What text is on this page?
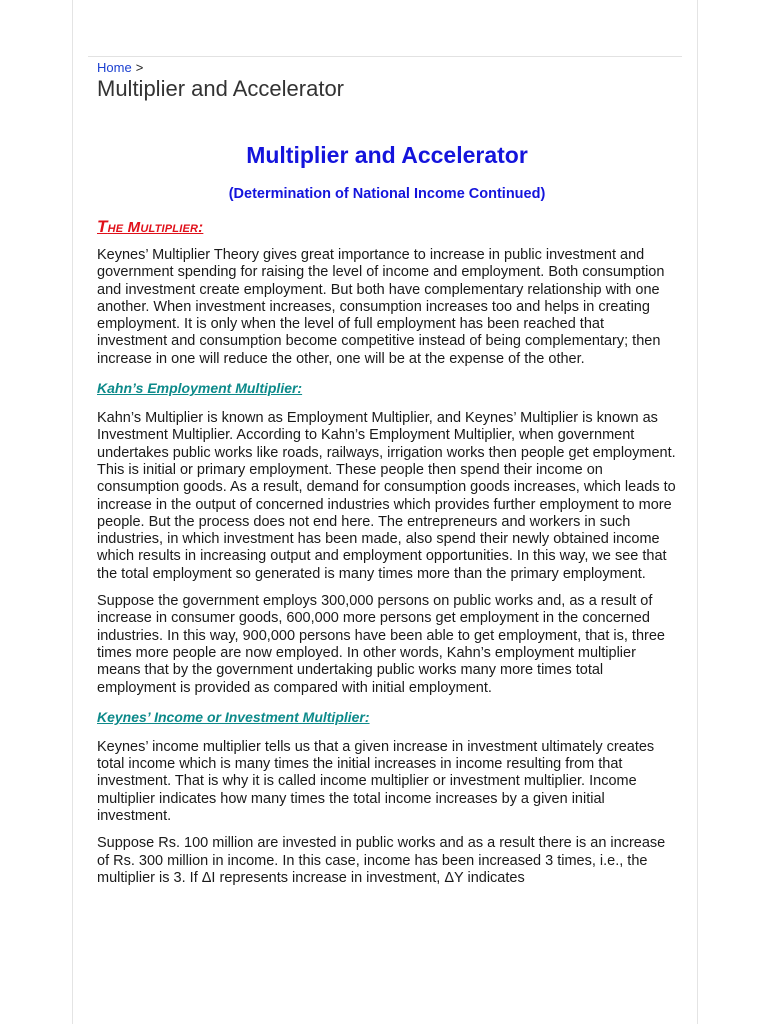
Home >
Multiplier and Accelerator
Multiplier and Accelerator
(Determination of National Income Continued)
The Multiplier:

Keynes’ Multiplier Theory gives great importance to increase in public investment and government spending for raising the level of income and employment. Both consumption and investment create employment. But both have complementary relationship with one another. When investment increases, consumption increases too and helps in creating employment. It is only when the level of full employment has been reached that investment and consumption become competitive instead of being complementary; then increase in one will reduce the other, one will be at the expense of the other.

Kahn’s Employment Multiplier:

Kahn’s Multiplier is known as Employment Multiplier, and Keynes’ Multiplier is known as Investment Multiplier. According to Kahn’s Employment Multiplier, when government undertakes public works like roads, railways, irrigation works then people get employment. This is initial or primary employment. These people then spend their income on consumption goods. As a result, demand for consumption goods increases, which leads to increase in the output of concerned industries which provides further employment to more people. But the process does not end here. The entrepreneurs and workers in such industries, in which investment has been made, also spend their newly obtained income which results in increasing output and employment opportunities. In this way, we see that the total employment so generated is many times more than the primary employment.

Suppose the government employs 300,000 persons on public works and, as a result of increase in consumer goods, 600,000 more persons get employment in the concerned industries. In this way, 900,000 persons have been able to get employment, that is, three times more people are now employed. In other words, Kahn’s employment multiplier means that by the government undertaking public works many more times total employment is provided as compared with initial employment.

Keynes’ Income or Investment Multiplier:

Keynes’ income multiplier tells us that a given increase in investment ultimately creates total income which is many times the initial increases in income resulting from that investment. That is why it is called income multiplier or investment multiplier. Income multiplier indicates how many times the total income increases by a given initial investment.

Suppose Rs. 100 million are invested in public works and as a result there is an increase of Rs. 300 million in income. In this case, income has been increased 3 times, i.e., the multiplier is 3. If ΔI represents increase in investment, ΔY indicates
